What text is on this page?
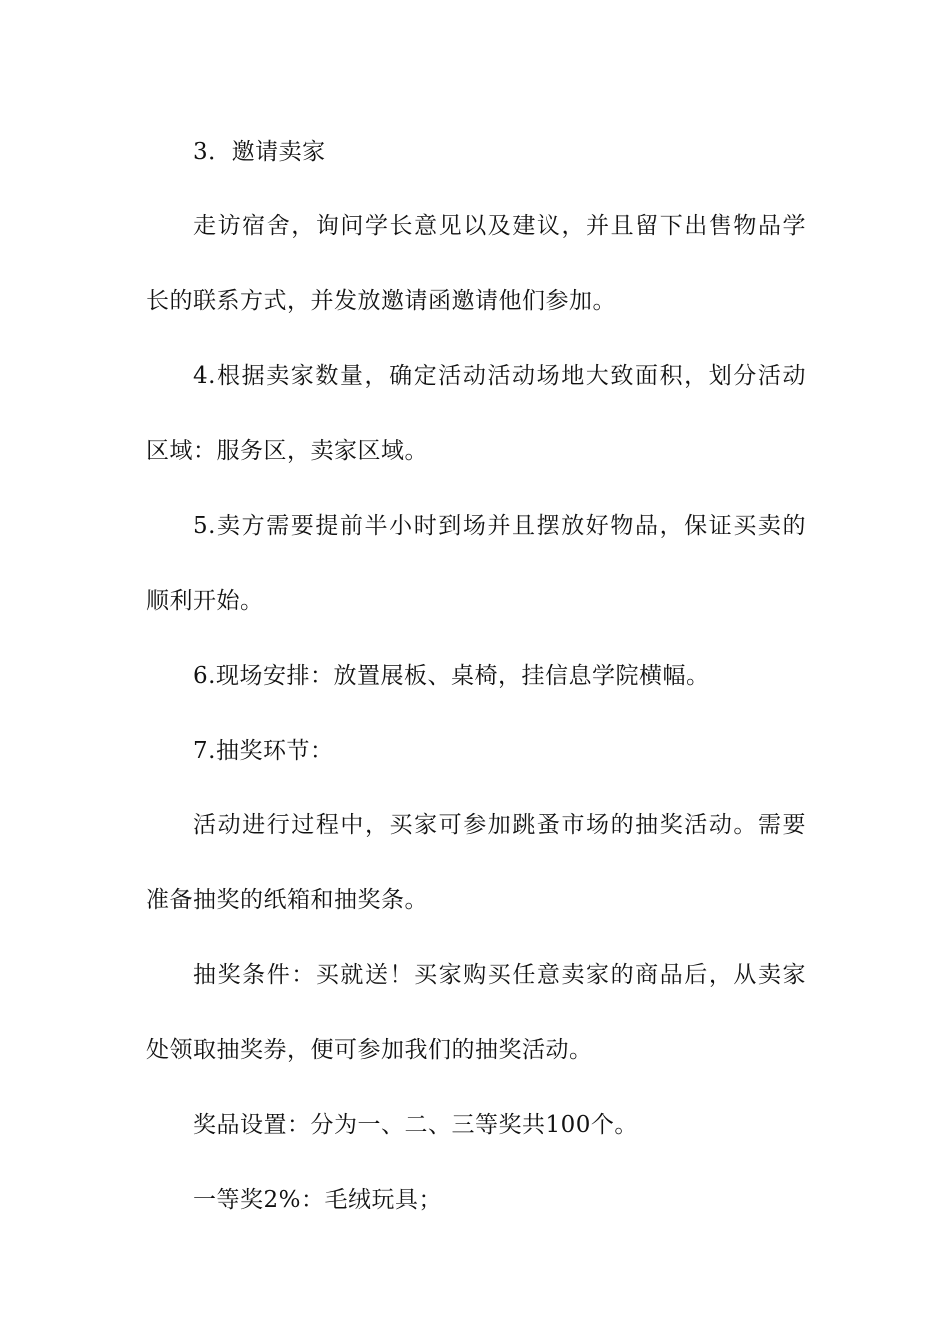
3．邀请卖家
走访宿舍，询问学长意见以及建议，并且留下出售物品学
长的联系方式，并发放邀请函邀请他们参加。
4.根据卖家数量，确定活动活动场地大致面积，划分活动
区域：服务区，卖家区域。
5.卖方需要提前半小时到场并且摆放好物品，保证买卖的
顺利开始。
6.现场安排：放置展板、桌椅，挂信息学院横幅。
7.抽奖环节：
活动进行过程中，买家可参加跳蚤市场的抽奖活动。需要
准备抽奖的纸箱和抽奖条。
抽奖条件：买就送！买家购买任意卖家的商品后，从卖家
处领取抽奖券，便可参加我们的抽奖活动。
奖品设置：分为一、二、三等奖共100个。
一等奖2%：毛绒玩具；
